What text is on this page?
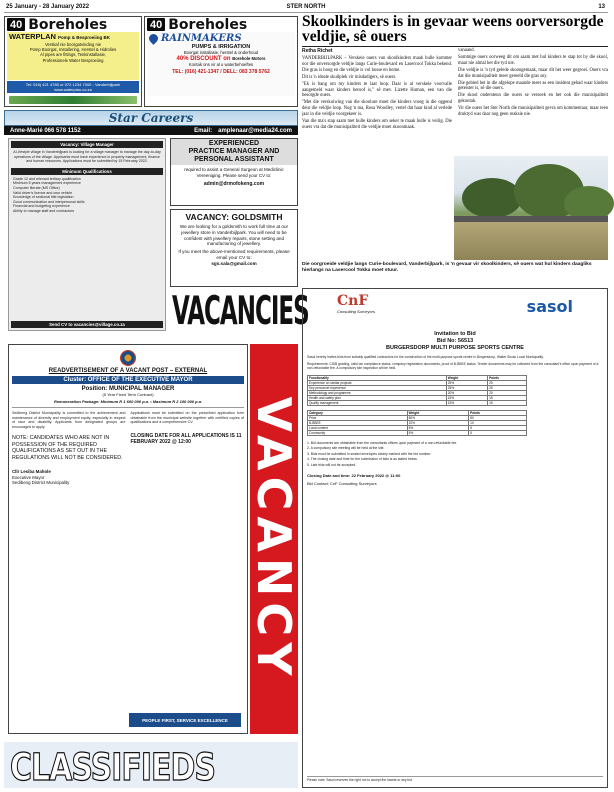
25 January - 28 January 2022	STER NORTH	13
40 Boreholes
WATERPLAN Pomp & Besproeiing BK
Verskaf nie boorgatvinding nie
Pomp Boorgat, Installering, Herstel & Hidrolies
Al pipes are fittings, Tenkinstallasie,
Professionele Water Besproeiing
Tel: 016) 421 4780 or 072 1234 7000 - Vanderbijlpark
www.waterplan.co.za
40 Boreholes
RAINMAKERS
PUMPS & IRRIGATION
Boorgat installasie, herstel & onderhoud
40% DISCOUNT on Borehole Motors
Kontak ons vir al u waterbehoeftes
TEL: (016) 421-1347 / DELL: 083 378 5762
Star Careers
Anne-Marié 066 578 1152	Email: amplenaar@media24.com
Vacancy: Village Manager
A Lifestyle village in Vanderbijlpark is looking for a village manager to manage the day-to-day operations of the village. Applicants must have experience in property management, finance and human resources. Applications must be submitted by 15 February 2022.
Minimum Qualifications
Grade 12 and relevant tertiary qualification
Minimum 5 years management experience
Computer literate (MS Office)
Valid driver's licence and own vehicle
Knowledge of sectional title legislation
Good communication and interpersonal skills
Financial and budgeting experience
Ability to manage staff and contractors
Send CV to vacancies@village.co.za
EXPERIENCED
PRACTICE MANAGER AND
PERSONAL ASSISTANT
required to assist a General Surgeon at Mediclinic Vereeniging. Please send your CV to:
admin@drmofokeng.com
VACANCY: GOLDSMITH
We are looking for a goldsmith to work full time at our jewellery store in Vanderbijlpark. You will need to be confident with jewellery repairs, stone setting and manufacturing of jewellery.
If you meet the above-mentioned requirements, please email your CV to:
sgs.sala@gmail.com
VACANCIES
READVERTISEMENT OF A VACANT POST – EXTERNAL
Cluster: OFFICE OF THE EXECUTIVE MAYOR
Position: MUNICIPAL MANAGER
(5 Year Fixed Term Contract)
Remuneration Package: Minimum R 1 600 000 p.a. • Maximum R 2 100 000 p.a.
Sedibeng District Municipality is committed to the achievement and maintenance of diversity and employment equity, especially in respect of race and disability. Applicants from designated groups are encouraged to apply.
NOTE: CANDIDATES WHO ARE NOT IN POSSESSION OF THE REQUIRED QUALIFICATIONS AS SET OUT IN THE REGULATIONS WILL NOT BE CONSIDERED.
Cllr Lesiba Mahole
Executive Mayor
Sedibeng District Municipality
Applications must be submitted on the prescribed application form obtainable from the municipal website together with certified copies of qualifications and a comprehensive CV.
CLOSING DATE FOR ALL APPLICATIONS IS 11 FEBRUARY 2022 @ 12:00
PEOPLE FIRST, SERVICE EXCELLENCE
VACANCY
CLASSIFIEDS
Skoolkinders is in gevaar weens oorversorgde veldjie, sê ouers
Retha Richet

VANDERBIJLPARK – Verskeie ouers van skoolkinders maak hulle kommer oor die onversorgde veldjie langs Curie-boulevard en Lasercool Tokka bekend. Die gras is hoog en die veldjie is vol bosse en bome.

Dit is 'n ideale skuilplek vir misdadigers, sê ouers.

"Ek is bang om my kinders te laat loop. Daar is al verskeie voorvalle aangemeld waar kinders beroof is," sê mev. Lizette Human, een van die besorgde ouers.

"Met die verskuiwing van die skoolure moet die kinders vroeg in die oggend deur die veldjie loop. Nog 'n ma, Rosa Woodley, vertel dat haar kind al verlede jaar in die veldjie voorgekeer is.

Van die ma's stap saam met hulle kinders om seker te maak hulle is veilig. Die ouers vra dat die munisipaliteit die veldjie moet skoonmaak.

vanaand.

Sommige ouers oorweeg dit om saam met hul kinders te stap tot by die skool, maar nie almal het die tyd nie.

Die veldjie is 'n tyd gelede skoongemaak, maar dit het weer gegroei. Ouers vra dat die munisipaliteit meer gereeld die gras sny.

Die gebied het in die afgelope maande meer as een insident gehad waar kinders geteister is, sê die ouers.

Die skool ondersteun die ouers se versoek en het ook die munisipaliteit gekontak.

Vir die ouers het Ster North die munisipaliteit gevra om kommentaar, maar teen druktyd was daar nog geen reaksie nie.

Die oorgroeide veldjie langs Curie-boulevard, Vanderbijlpark, is 'n gevaar vir skoolkinders, sê ouers wat hul kinders daagliks hierlangs na Lasercool Tokka moet stuur.
CnF
Consulting Surveyors	sasol
Invitation to Bid
Bid No: 56513
BURGERSDORP MULTI PURPOSE SPORTS CENTRE
Sasol hereby invites bids from suitably qualified contractors for the construction of the multi-purpose sports centre in Burgersdorp, Walter Sisulu Local Municipality.
Requirements: CIDB grading, valid tax compliance status, company registration documents, proof of B-BBEE status. Tender documents may be collected from the consultant's office upon payment of a non-refundable fee. A compulsory site inspection will be held.
Functionality	Weight	Points
Experience on similar projects	25%	25
Key personnel experience	25%	25
Methodology and programme	20%	20
Health and safety plan	15%	15
Quality management	15%	15
Category	Weight	Points
Price	80%	80
B-BBEE	10%	10
Local content	5%	5
Community	5%	5
1. Bid documents are obtainable from the consultants offices upon payment of a non-refundable fee.
2. A compulsory site meeting will be held at the site.
3. Bids must be submitted in sealed envelopes clearly marked with the bid number.
4. The closing date and time for the submission of bids is as stated below.
5. Late bids will not be accepted.
Closing Date and time: 22 February 2022 @ 11:00
Bid Contact: CnF Consulting Surveyors
Please note: Sasol reserves the right not to accept the lowest or any bid.
